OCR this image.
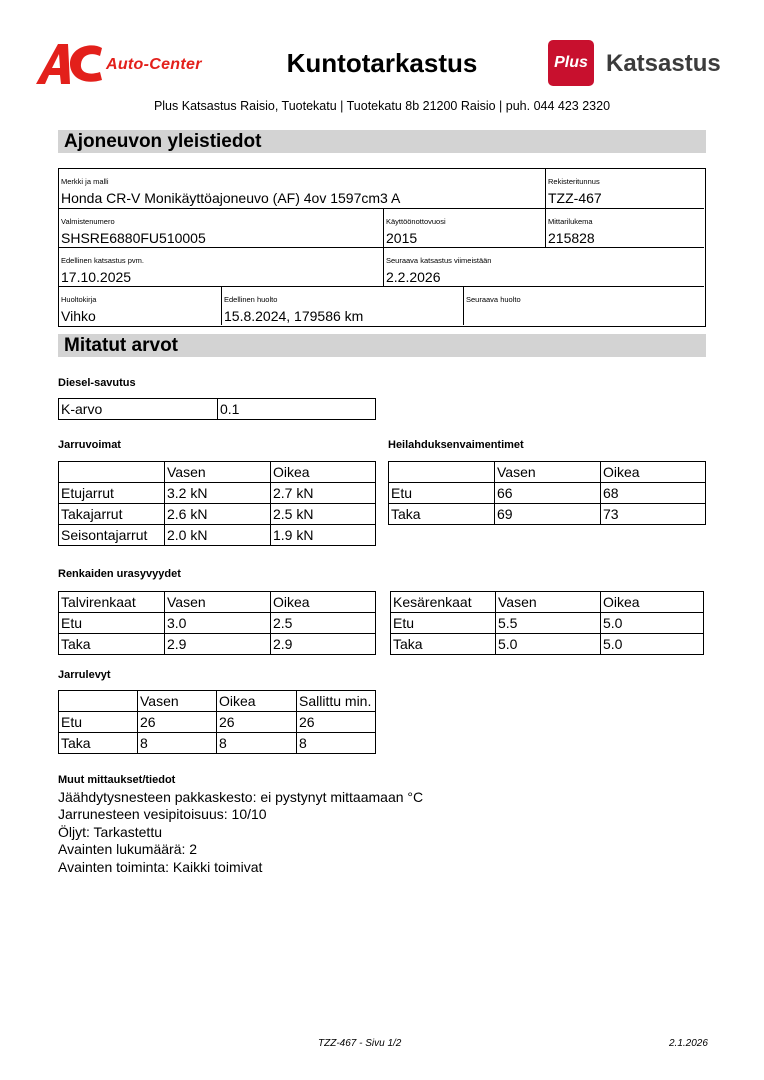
Auto-Center	Kuntotarkastus	Plus Katsastus
Plus Katsastus Raisio, Tuotekatu | Tuotekatu 8b 21200 Raisio | puh. 044 423 2320
Ajoneuvon yleistiedot
Merkki ja malli
Honda CR-V Monikäyttöajoneuvo (AF) 4ov 1597cm3 A
Rekisteritunnus
TZZ-467
Valmistenumero
SHSRE6880FU510005
Käyttöönottovuosi
2015
Mittarilukema
215828
Edellinen katsastus pvm.
17.10.2025
Seuraava katsastus viimeistään
2.2.2026
Huoltokirja
Vihko
Edellinen huolto
15.8.2024, 179586 km
Seuraava huolto
Mitatut arvot
Diesel-savutus
K-arvo	0.1
Jarruvoimat
	Vasen	Oikea
Etujarrut	3.2 kN	2.7 kN
Takajarrut	2.6 kN	2.5 kN
Seisontajarrut	2.0 kN	1.9 kN
Heilahduksenvaimentimet
	Vasen	Oikea
Etu	66	68
Taka	69	73
Renkaiden urasyvyydet
Talvirenkaat	Vasen	Oikea
Etu	3.0	2.5
Taka	2.9	2.9
Kesärenkaat	Vasen	Oikea
Etu	5.5	5.0
Taka	5.0	5.0
Jarrulevyt
	Vasen	Oikea	Sallittu min.
Etu	26	26	26
Taka	8	8	8
Muut mittaukset/tiedot
Jäähdytysnesteen pakkaskesto: ei pystynyt mittaamaan °C
Jarrunesteen vesipitoisuus: 10/10
Öljyt: Tarkastettu
Avainten lukumäärä: 2
Avainten toiminta: Kaikki toimivat
TZZ-467 - Sivu 1/2	2.1.2026
